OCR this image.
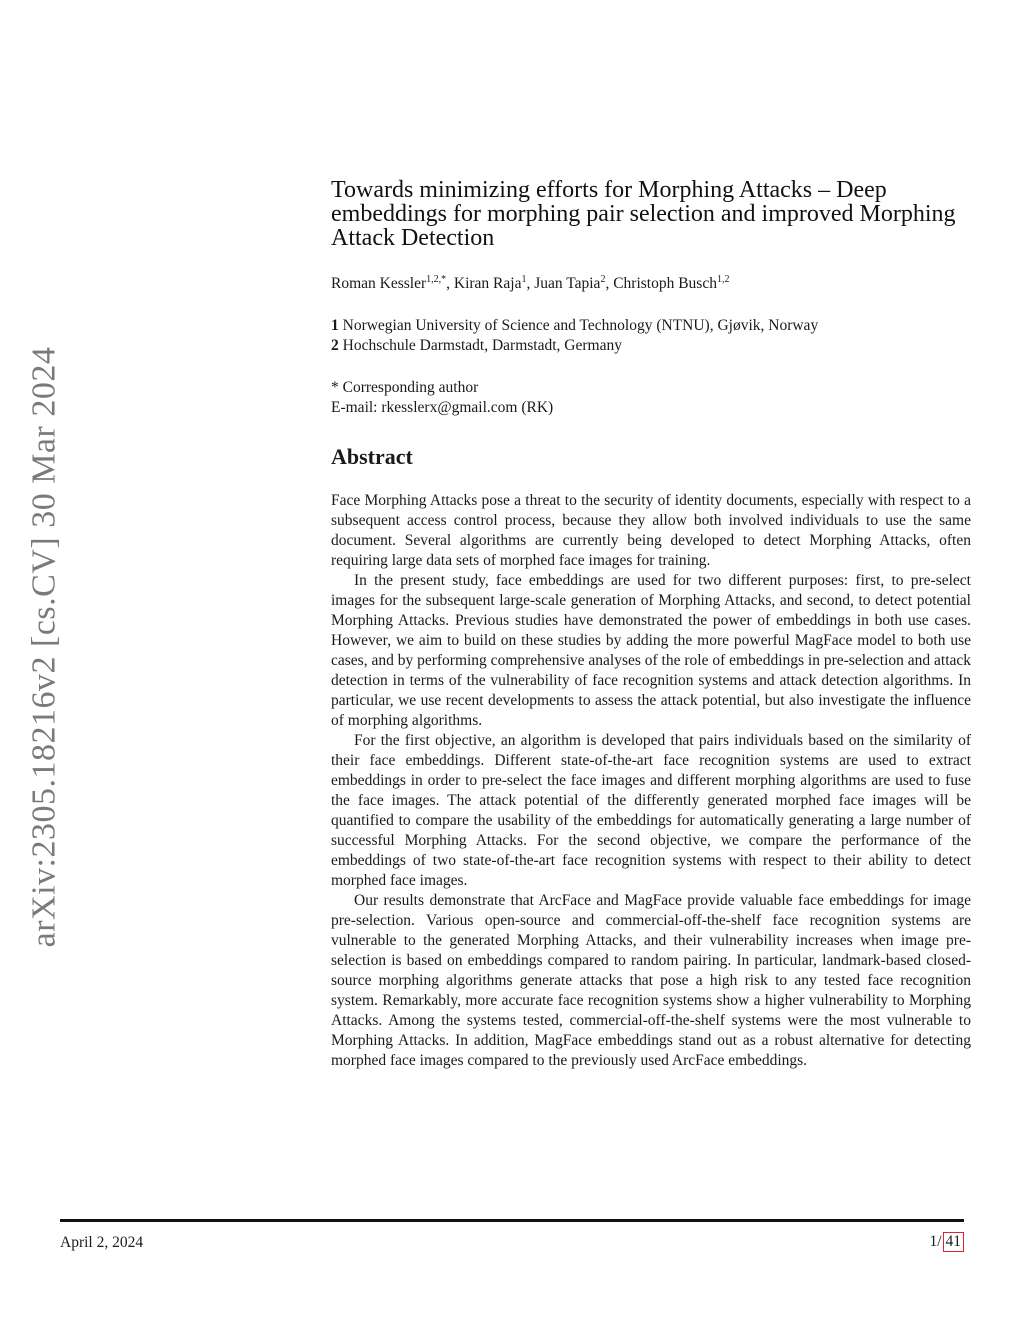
arXiv:2305.18216v2 [cs.CV] 30 Mar 2024
Towards minimizing efforts for Morphing Attacks – Deep embeddings for morphing pair selection and improved Morphing Attack Detection
Roman Kessler$^{1,2,*}$, Kiran Raja$^1$, Juan Tapia$^2$, Christoph Busch$^{1,2}$
1 Norwegian University of Science and Technology (NTNU), Gjøvik, Norway
2 Hochschule Darmstadt, Darmstadt, Germany
* Corresponding author
E-mail: rkesslerx@gmail.com (RK)
Abstract

Face Morphing Attacks pose a threat to the security of identity documents, especially with respect to a subsequent access control process, because they allow both involved individuals to use the same document. Several algorithms are currently being developed to detect Morphing Attacks, often requiring large data sets of morphed face images for training.

In the present study, face embeddings are used for two different purposes: first, to pre-select images for the subsequent large-scale generation of Morphing Attacks, and second, to detect potential Morphing Attacks. Previous studies have demonstrated the power of embeddings in both use cases. However, we aim to build on these studies by adding the more powerful MagFace model to both use cases, and by performing comprehensive analyses of the role of embeddings in pre-selection and attack detection in terms of the vulnerability of face recognition systems and attack detection algorithms. In particular, we use recent developments to assess the attack potential, but also investigate the influence of morphing algorithms.

For the first objective, an algorithm is developed that pairs individuals based on the similarity of their face embeddings. Different state-of-the-art face recognition systems are used to extract embeddings in order to pre-select the face images and different morphing algorithms are used to fuse the face images. The attack potential of the differently generated morphed face images will be quantified to compare the usability of the embeddings for automatically generating a large number of successful Morphing Attacks. For the second objective, we compare the performance of the embeddings of two state-of-the-art face recognition systems with respect to their ability to detect morphed face images.

Our results demonstrate that ArcFace and MagFace provide valuable face embeddings for image pre-selection. Various open-source and commercial-off-the-shelf face recognition systems are vulnerable to the generated Morphing Attacks, and their vulnerability increases when image pre-selection is based on embeddings compared to random pairing. In particular, landmark-based closed-source morphing algorithms generate attacks that pose a high risk to any tested face recognition system. Remarkably, more accurate face recognition systems show a higher vulnerability to Morphing Attacks. Among the systems tested, commercial-off-the-shelf systems were the most vulnerable to Morphing Attacks. In addition, MagFace embeddings stand out as a robust alternative for detecting morphed face images compared to the previously used ArcFace embeddings.

April 2, 2024	1/ 41
